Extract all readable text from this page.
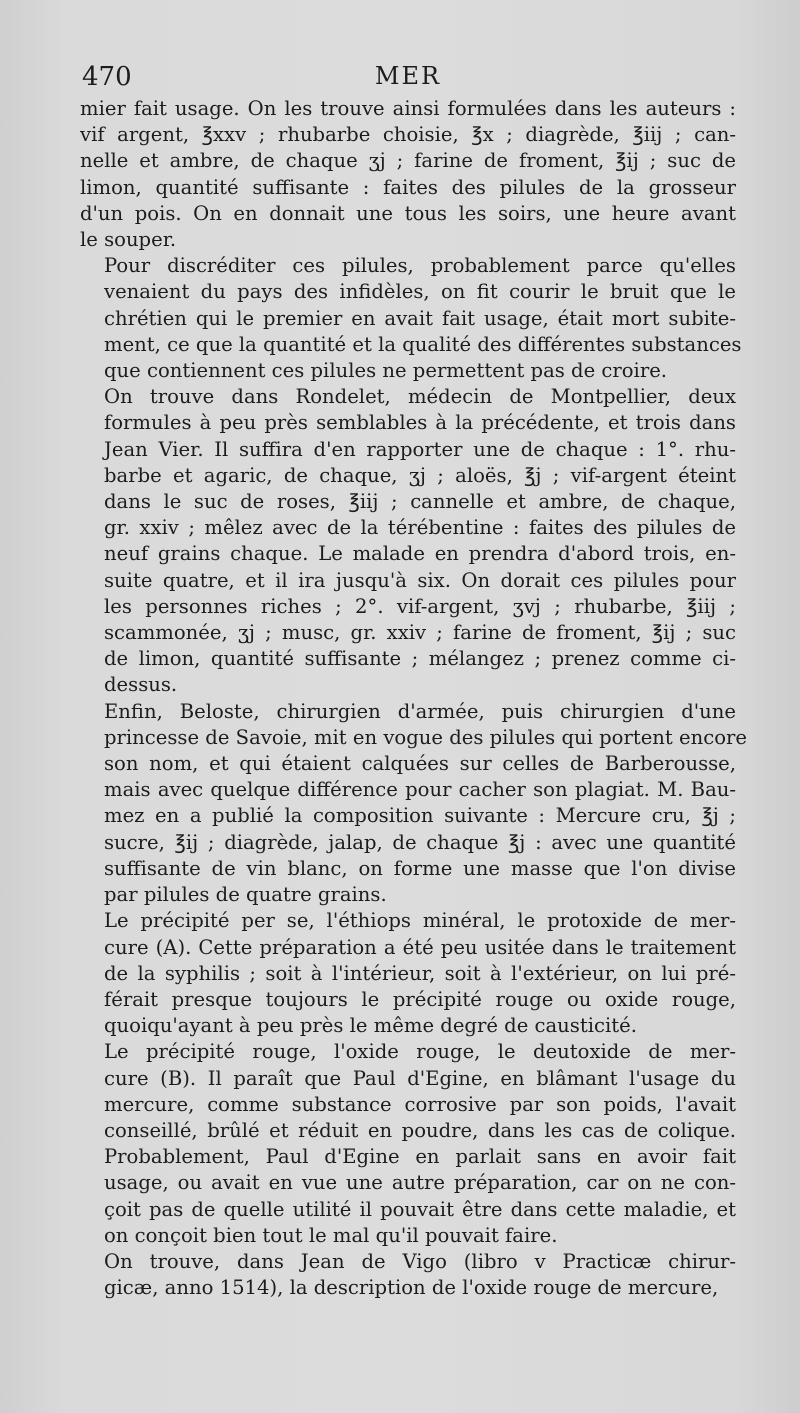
470	MER
mier fait usage. On les trouve ainsi formulées dans les auteurs :
vif argent, ℥xxv ; rhubarbe choisie, ℥x ; diagrède, ℥iij ; can-
nelle et ambre, de chaque ʒj ; farine de froment, ℥ij ; suc de
limon, quantité suffisante : faites des pilules de la grosseur
d'un pois. On en donnait une tous les soirs, une heure avant
le souper.
Pour discréditer ces pilules, probablement parce qu'elles
venaient du pays des infidèles, on fit courir le bruit que le
chrétien qui le premier en avait fait usage, était mort subite-
ment, ce que la quantité et la qualité des différentes substances
que contiennent ces pilules ne permettent pas de croire.
On trouve dans Rondelet, médecin de Montpellier, deux
formules à peu près semblables à la précédente, et trois dans
Jean Vier. Il suffira d'en rapporter une de chaque : 1°. rhu-
barbe et agaric, de chaque, ʒj ; aloës, ℥j ; vif-argent éteint
dans le suc de roses, ℥iij ; cannelle et ambre, de chaque,
gr. xxiv ; mêlez avec de la térébentine : faites des pilules de
neuf grains chaque. Le malade en prendra d'abord trois, en-
suite quatre, et il ira jusqu'à six. On dorait ces pilules pour
les personnes riches ; 2°. vif-argent, ʒvj ; rhubarbe, ℥iij ;
scammonée, ʒj ; musc, gr. xxiv ; farine de froment, ℥ij ; suc
de limon, quantité suffisante ; mélangez ; prenez comme ci-
dessus.
Enfin, Beloste, chirurgien d'armée, puis chirurgien d'une
princesse de Savoie, mit en vogue des pilules qui portent encore
son nom, et qui étaient calquées sur celles de Barberousse,
mais avec quelque différence pour cacher son plagiat. M. Bau-
mez en a publié la composition suivante : Mercure cru, ℥j ;
sucre, ℥ij ; diagrède, jalap, de chaque ℥j : avec une quantité
suffisante de vin blanc, on forme une masse que l'on divise
par pilules de quatre grains.
Le précipité per se, l'éthiops minéral, le protoxide de mer-
cure (A). Cette préparation a été peu usitée dans le traitement
de la syphilis ; soit à l'intérieur, soit à l'extérieur, on lui pré-
férait presque toujours le précipité rouge ou oxide rouge,
quoiqu'ayant à peu près le même degré de causticité.
Le précipité rouge, l'oxide rouge, le deutoxide de mer-
cure (B). Il paraît que Paul d'Egine, en blâmant l'usage du
mercure, comme substance corrosive par son poids, l'avait
conseillé, brûlé et réduit en poudre, dans les cas de colique.
Probablement, Paul d'Egine en parlait sans en avoir fait
usage, ou avait en vue une autre préparation, car on ne con-
çoit pas de quelle utilité il pouvait être dans cette maladie, et
on conçoit bien tout le mal qu'il pouvait faire.
On trouve, dans Jean de Vigo (libro v Practicæ chirur-
gicæ, anno 1514), la description de l'oxide rouge de mercure,
